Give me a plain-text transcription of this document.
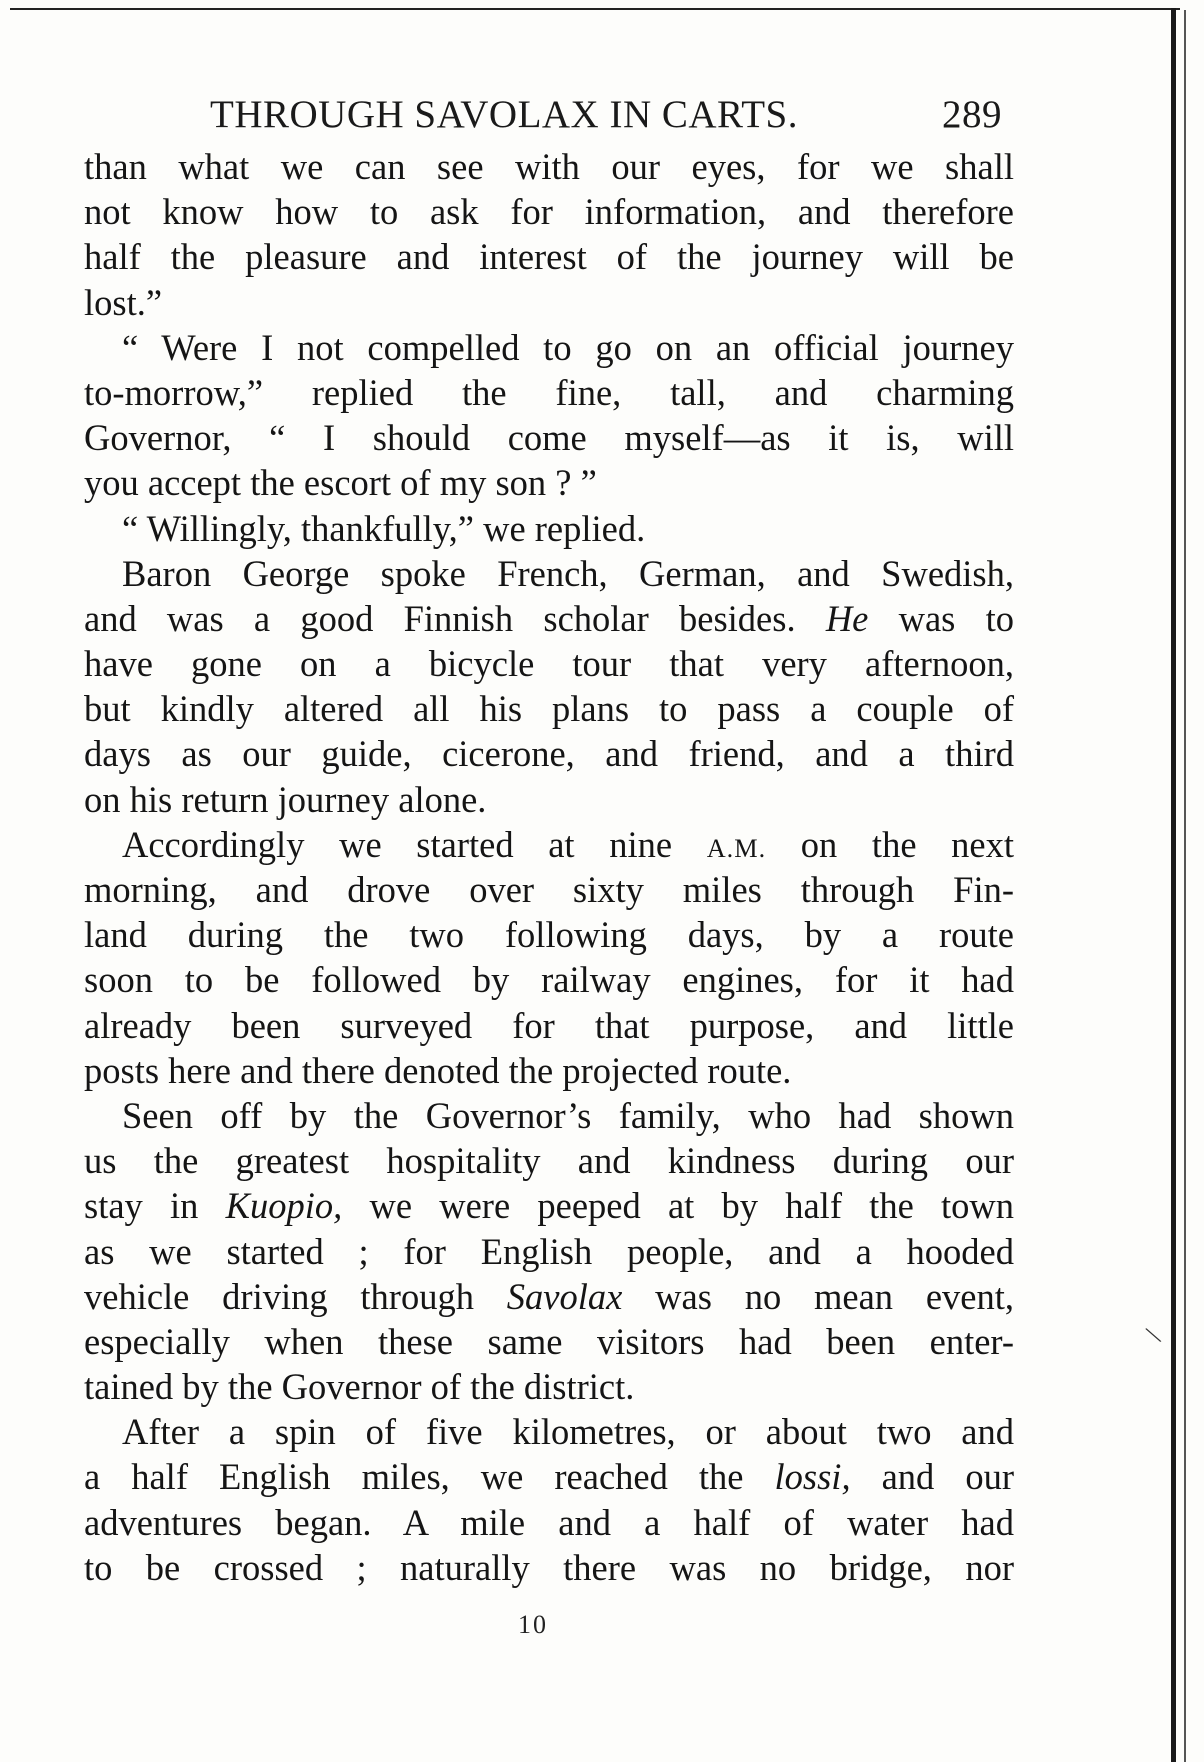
THROUGH SAVOLAX IN CARTS.	289
than what we can see with our eyes, for we shall
not know how to ask for information, and therefore
half the pleasure and interest of the journey will be
lost.”
“ Were I not compelled to go on an official journey
to-morrow,” replied the fine, tall, and charming
Governor, “ I should come myself—as it is, will
you accept the escort of my son ? ”
“ Willingly, thankfully,” we replied.
Baron George spoke French, German, and Swedish,
and was a good Finnish scholar besides. He was to
have gone on a bicycle tour that very afternoon,
but kindly altered all his plans to pass a couple of
days as our guide, cicerone, and friend, and a third
on his return journey alone.
Accordingly we started at nine A.M. on the next
morning, and drove over sixty miles through Fin-
land during the two following days, by a route
soon to be followed by railway engines, for it had
already been surveyed for that purpose, and little
posts here and there denoted the projected route.
Seen off by the Governor’s family, who had shown
us the greatest hospitality and kindness during our
stay in Kuopio, we were peeped at by half the town
as we started ; for English people, and a hooded
vehicle driving through Savolax was no mean event,
especially when these same visitors had been enter-
tained by the Governor of the district.
After a spin of five kilometres, or about two and
a half English miles, we reached the lossi, and our
adventures began. A mile and a half of water had
to be crossed ; naturally there was no bridge, nor
10
\
